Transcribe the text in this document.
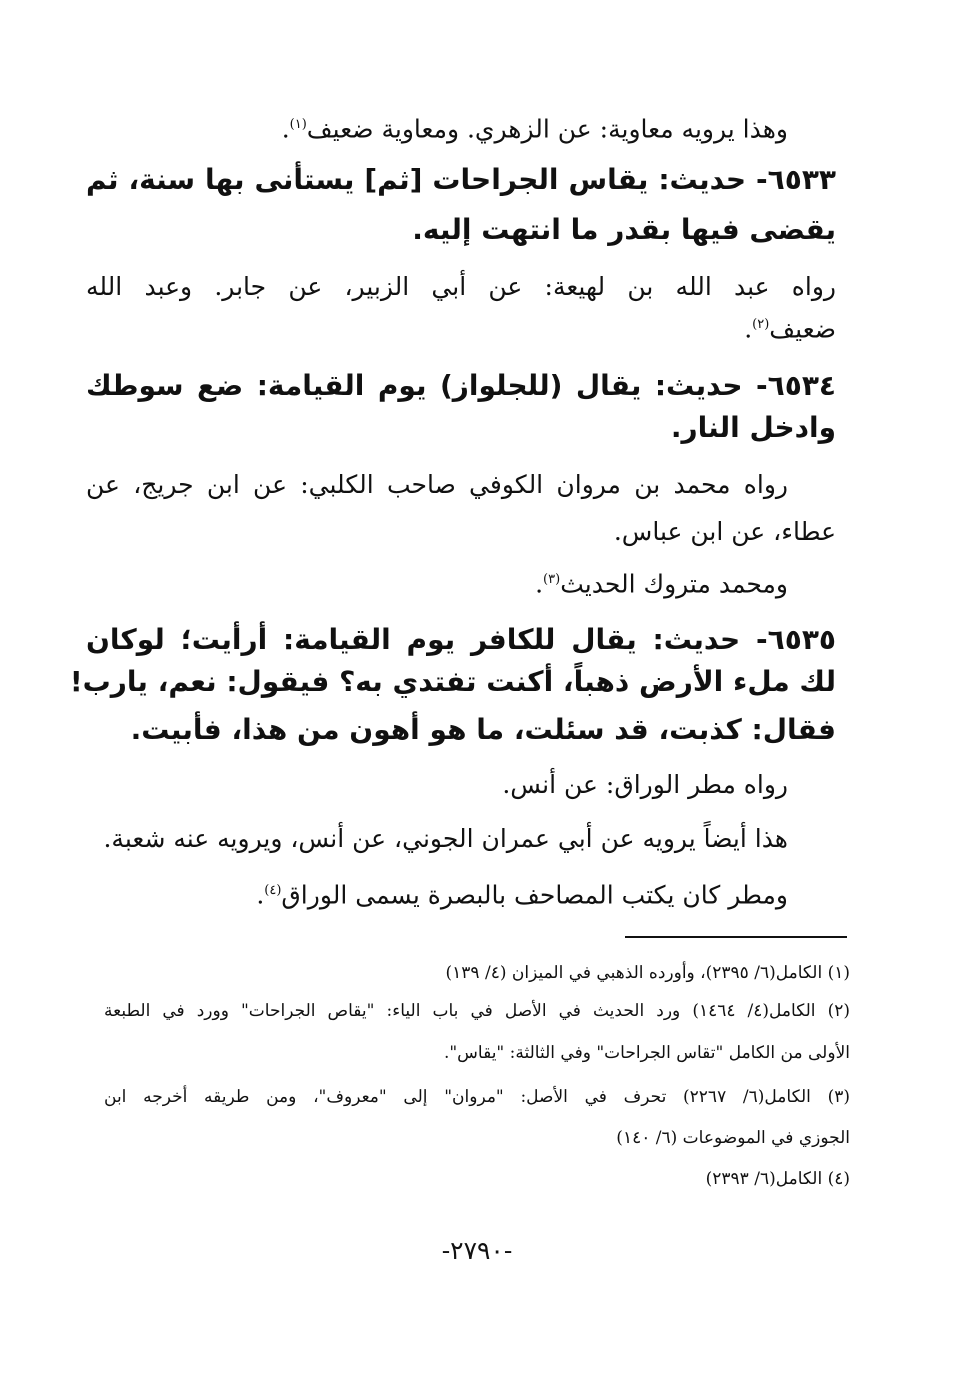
وهذا يرويه معاوية: عن الزهري. ومعاوية ضعيف$^{(١)}$.
٦٥٣٣- حديث: يقاس الجراحات [ثم] يستأنى بها سنة، ثم
يقضى فيها بقدر ما انتهت إليه.
رواه عبد الله بن لهيعة: عن أبي الزبير، عن جابر. وعبد الله
ضعيف$^{(٢)}$.
٦٥٣٤- حديث: يقال (للجلواز) يوم القيامة: ضع سوطك
وادخل النار.
رواه محمد بن مروان الكوفي صاحب الكلبي: عن ابن جريج، عن
عطاء، عن ابن عباس.
ومحمد متروك الحديث$^{(٣)}$.
٦٥٣٥- حديث: يقال للكافر يوم القيامة: أرأيت؛ لوكان
لك ملء الأرض ذهباً، أكنت تفتدي به؟ فيقول: نعم، يارب!
فقال: كذبت، قد سئلت، ما هو أهون من هذا، فأبيت.
رواه مطر الوراق: عن أنس.
هذا أيضاً يرويه عن أبي عمران الجوني، عن أنس، ويرويه عنه شعبة.
ومطر كان يكتب المصاحف بالبصرة يسمى الوراق$^{(٤)}$.
(١) الكامل(٦/ ٢٣٩٥)، وأورده الذهبي في الميزان (٤/ ١٣٩)
(٢) الكامل(٤/ ١٤٦٤) ورد الحديث في الأصل في باب الياء: "يقاص الجراحات" وورد في الطبعة
الأولى من الكامل "تقاس الجراحات" وفي الثالثة: "يقاس".
(٣) الكامل(٦/ ٢٢٦٧) تحرف في الأصل: "مروان" إلى "معروف"، ومن طريقه أخرجه ابن
الجوزي في الموضوعات (٦/ ١٤٠)
(٤) الكامل(٦/ ٢٣٩٣)
-٢٧٩٠-
